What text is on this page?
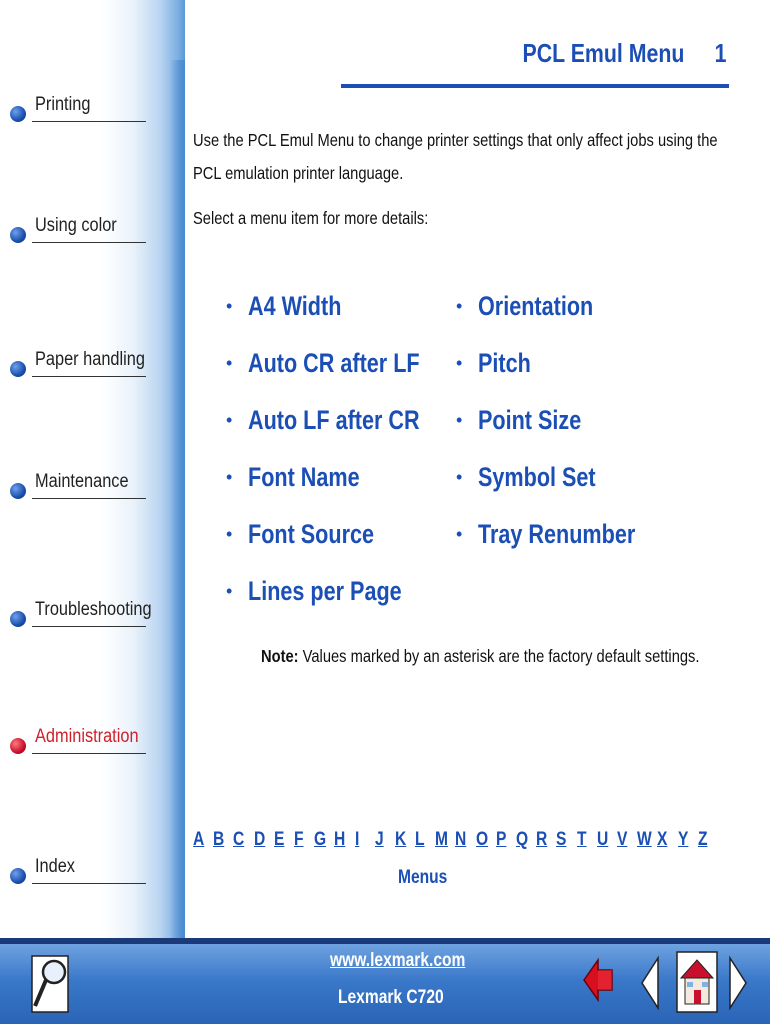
Printing
Using color
Paper handling
Maintenance
Troubleshooting
Administration
Index
PCL Emul Menu 1

Use the PCL Emul Menu to change printer settings that only affect jobs using the

PCL emulation printer language.

Select a menu item for more details:
• A4 Width
• Auto CR after LF
• Auto LF after CR
• Font Name
• Font Source
• Lines per Page
• Orientation
• Pitch
• Point Size
• Symbol Set
• Tray Renumber
Note: Values marked by an asterisk are the factory default settings.
A B C D E F G H I J K L M N O P Q R S T U V W X Y Z
Menus
www.lexmark.com
Lexmark C720
